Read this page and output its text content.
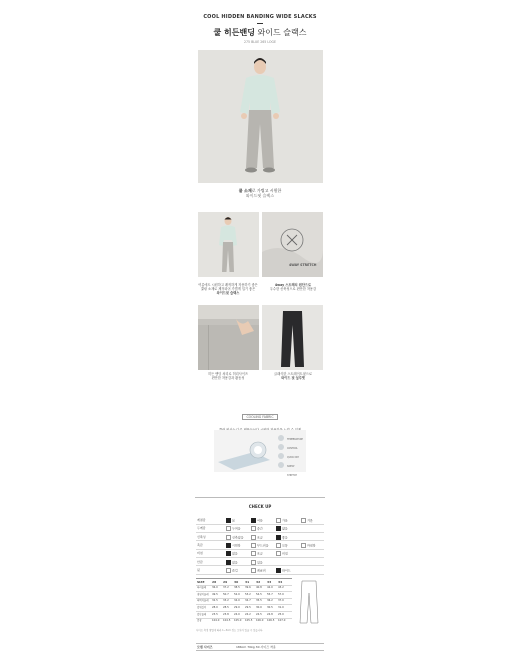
COOL HIDDEN BANDING WIDE SLACKS
쿨 히든밴딩 와이드 슬랙스
275 BLUE 265 LOGE
쿨 소재로 가볍고 시원한
와이드핏 슬랙스
4WAY STRETCH
여름에도 시원하고 쾌적하게 착용하기 좋은
쿨링 소재로 제작되어 가볍게 입기 좋은
와이드핏 슬랙스
4way 스트레치 원단으로
우수한 신축성으로 편안한 착용감
히든 밴딩 처리로 허리사이즈
편안한 착용감과 활동성
클래식한 스트레이트핏으로
와이드 핏 실루엣
COOLING FABRIC
TEMPERATURE CONTROL
QUICK DRY
SWEAT
STRETCH
CHECK UP
계절감	봄	여름	가을	겨울
두께감	두꺼움	중간	얇음
신축성	신축없음	조금	좋음
촉감	시원함	부드러움	보통	까칠함
비침	없음	조금	비침
안감	없음	있음
핏	슬림	레귤러	와이드
SIZE 28 29 30 31 32 33 34
허리둘레 36.0 37.2 38.5 39.6 40.8 42.0 43.2
엉덩이둘레 49.5 50.7 52.0 53.2 54.5 55.7 57.0
허벅지둘레 32.5 33.2 34.0 34.7 35.5 36.2 37.0
밑위길이 28.0 28.5 29.0 29.5 30.0 30.5 31.0
밑단둘레 23.5 23.8 24.0 24.2 24.5 24.8 25.0
총장	104.0 104.5 105.0 105.5 106.0 106.5 107.0
사이즈 측정 방법에 따라 1~3cm 정도 오차가 있을 수 있습니다.
모델 사이즈	186cm 70kg 30 사이즈 착용
